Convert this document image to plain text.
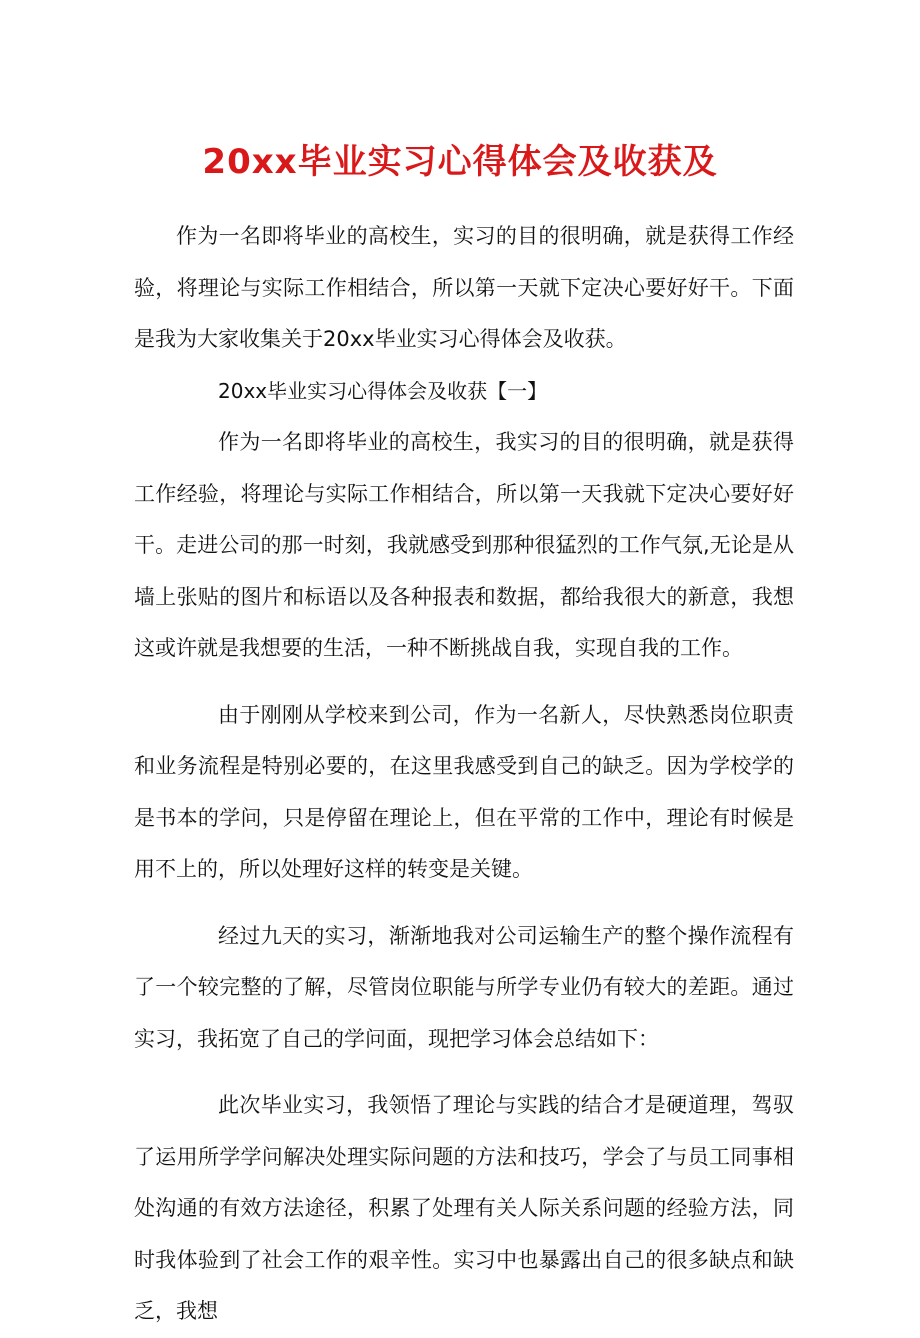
20xx毕业实习心得体会及收获及

作为一名即将毕业的高校生，实习的目的很明确，就是获得工作经验，将理论与实际工作相结合，所以第一天就下定决心要好好干。下面是我为大家收集关于20xx毕业实习心得体会及收获。

20xx毕业实习心得体会及收获【一】

作为一名即将毕业的高校生，我实习的目的很明确，就是获得工作经验，将理论与实际工作相结合，所以第一天我就下定决心要好好干。走进公司的那一时刻，我就感受到那种很猛烈的工作气氛,无论是从墙上张贴的图片和标语以及各种报表和数据，都给我很大的新意，我想这或许就是我想要的生活，一种不断挑战自我，实现自我的工作。

由于刚刚从学校来到公司，作为一名新人，尽快熟悉岗位职责和业务流程是特别必要的，在这里我感受到自己的缺乏。因为学校学的是书本的学问，只是停留在理论上，但在平常的工作中，理论有时候是用不上的，所以处理好这样的转变是关键。

经过九天的实习，渐渐地我对公司运输生产的整个操作流程有了一个较完整的了解，尽管岗位职能与所学专业仍有较大的差距。通过实习，我拓宽了自己的学问面，现把学习体会总结如下：

此次毕业实习，我领悟了理论与实践的结合才是硬道理，驾驭了运用所学学问解决处理实际问题的方法和技巧，学会了与员工同事相处沟通的有效方法途径，积累了处理有关人际关系问题的经验方法，同时我体验到了社会工作的艰辛性。实习中也暴露出自己的很多缺点和缺乏，我想
